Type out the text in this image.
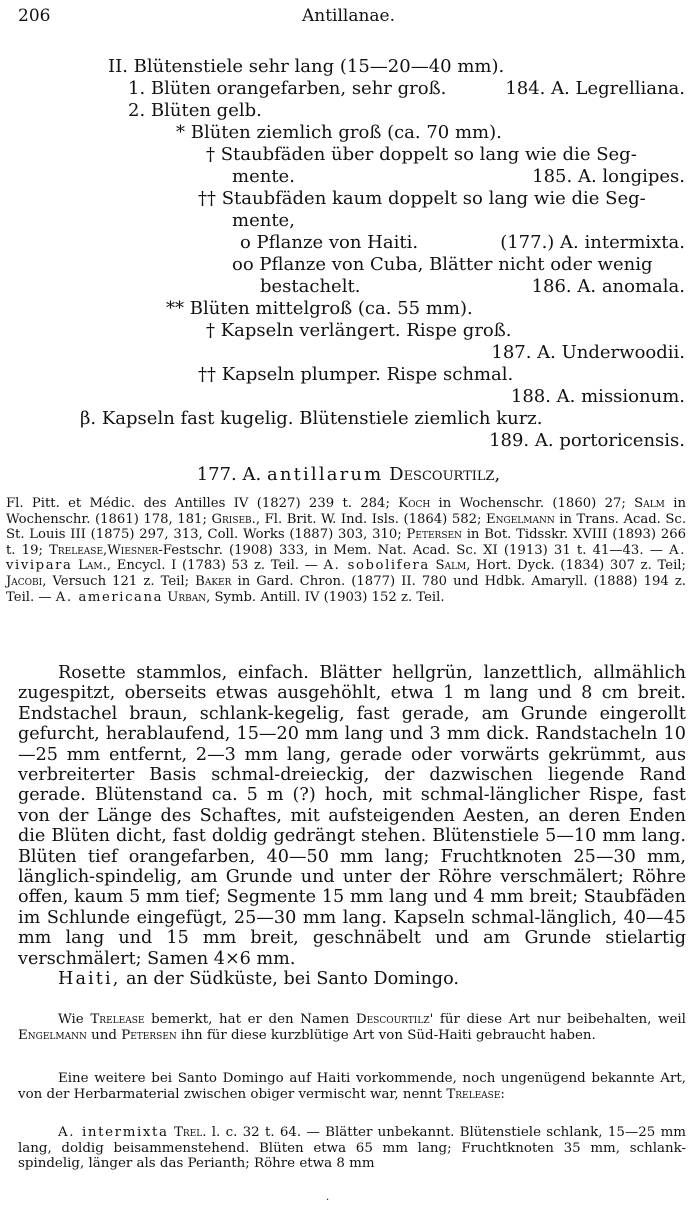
206	Antillanae.
II. Blütenstiele sehr lang (15—20—40 mm).
1. Blüten orangefarben, sehr groß.	184. A. Legrelliana.
2. Blüten gelb.
* Blüten ziemlich groß (ca. 70 mm).
† Staubfäden über doppelt so lang wie die Seg-
mente.	185. A. longipes.
†† Staubfäden kaum doppelt so lang wie die Seg-
mente,
o Pflanze von Haiti.	(177.) A. intermixta.
oo Pflanze von Cuba, Blätter nicht oder wenig
bestachelt.	186. A. anomala.
** Blüten mittelgroß (ca. 55 mm).
† Kapseln verlängert. Rispe groß.
187. A. Underwoodii.
†† Kapseln plumper. Rispe schmal.
188. A. missionum.
β. Kapseln fast kugelig. Blütenstiele ziemlich kurz.
189. A. portoricensis.
177. A. antillarum Descourtilz,
Fl. Pitt. et Médic. des Antilles IV (1827) 239 t. 284; Koch in Wochenschr. (1860) 27; Salm in Wochenschr. (1861) 178, 181; Griseb., Fl. Brit. W. Ind. Isls. (1864) 582; Engelmann in Trans. Acad. Sc. St. Louis III (1875) 297, 313, Coll. Works (1887) 303, 310; Petersen in Bot. Tidsskr. XVIII (1893) 266 t. 19; Trelease,Wiesner-Festschr. (1908) 333, in Mem. Nat. Acad. Sc. XI (1913) 31 t. 41—43. — A. vivipara Lam., Encycl. I (1783) 53 z. Teil. — A. sobolifera Salm, Hort. Dyck. (1834) 307 z. Teil; Jacobi, Versuch 121 z. Teil; Baker in Gard. Chron. (1877) II. 780 und Hdbk. Amaryll. (1888) 194 z. Teil. — A. americana Urban, Symb. Antill. IV (1903) 152 z. Teil.

Rosette stammlos, einfach. Blätter hellgrün, lanzettlich, allmählich zugespitzt, oberseits etwas ausgehöhlt, etwa 1 m lang und 8 cm breit. Endstachel braun, schlank-kegelig, fast gerade, am Grunde eingerollt gefurcht, herablaufend, 15—20 mm lang und 3 mm dick. Randstacheln 10—25 mm entfernt, 2—3 mm lang, gerade oder vorwärts gekrümmt, aus verbreiterter Basis schmal-dreieckig, der dazwischen liegende Rand gerade. Blütenstand ca. 5 m (?) hoch, mit schmal-länglicher Rispe, fast von der Länge des Schaftes, mit aufsteigenden Aesten, an deren Enden die Blüten dicht, fast doldig gedrängt stehen. Blütenstiele 5—10 mm lang. Blüten tief orangefarben, 40—50 mm lang; Fruchtknoten 25—30 mm, länglich-spindelig, am Grunde und unter der Röhre verschmälert; Röhre offen, kaum 5 mm tief; Segmente 15 mm lang und 4 mm breit; Staubfäden im Schlunde eingefügt, 25—30 mm lang. Kapseln schmal-länglich, 40—45 mm lang und 15 mm breit, geschnäbelt und am Grunde stielartig verschmälert; Samen 4×6 mm.

Haiti, an der Südküste, bei Santo Domingo.

Wie Trelease bemerkt, hat er den Namen Descourtilz' für diese Art nur beibehalten, weil Engelmann und Petersen ihn für diese kurzblütige Art von Süd-Haiti gebraucht haben.
Eine weitere bei Santo Domingo auf Haiti vorkommende, noch ungenügend bekannte Art, von der Herbarmaterial zwischen obiger vermischt war, nennt Trelease:
A. intermixta Trel. l. c. 32 t. 64. — Blätter unbekannt. Blütenstiele schlank, 15—25 mm lang, doldig beisammenstehend. Blüten etwa 65 mm lang; Fruchtknoten 35 mm, schlank-spindelig, länger als das Perianth; Röhre etwa 8 mm
·
